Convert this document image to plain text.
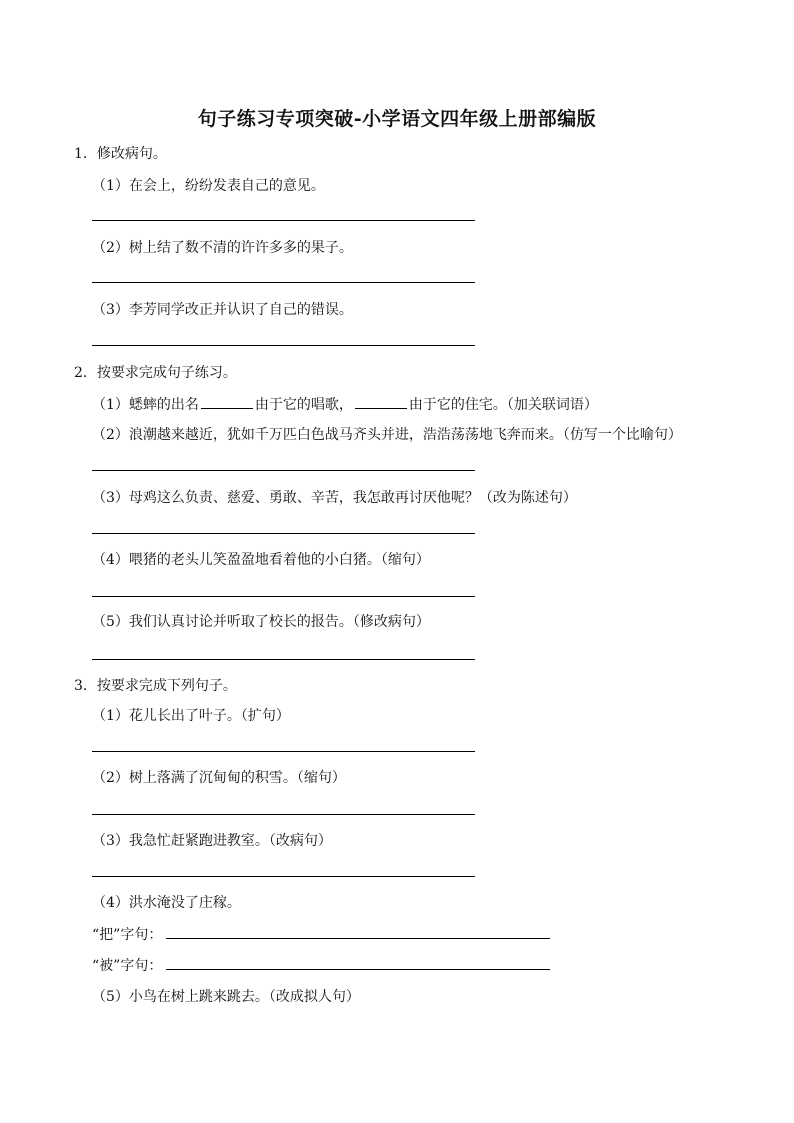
句子练习专项突破-小学语文四年级上册部编版
1．修改病句。
（1）在会上，纷纷发表自己的意见。
（2）树上结了数不清的许许多多的果子。
（3）李芳同学改正并认识了自己的错误。
2．按要求完成句子练习。
（1）蟋蟀的出名	由于它的唱歌，	由于它的住宅。（加关联词语）
（2）浪潮越来越近，犹如千万匹白色战马齐头并进，浩浩荡荡地飞奔而来。（仿写一个比喻句）
（3）母鸡这么负责、慈爱、勇敢、辛苦，我怎敢再讨厌他呢？（改为陈述句）
（4）喂猪的老头儿笑盈盈地看着他的小白猪。（缩句）
（5）我们认真讨论并听取了校长的报告。（修改病句）
3．按要求完成下列句子。
（1）花儿长出了叶子。（扩句）
（2）树上落满了沉甸甸的积雪。（缩句）
（3）我急忙赶紧跑进教室。（改病句）
（4）洪水淹没了庄稼。
“把”字句：
“被”字句：
（5）小鸟在树上跳来跳去。（改成拟人句）
